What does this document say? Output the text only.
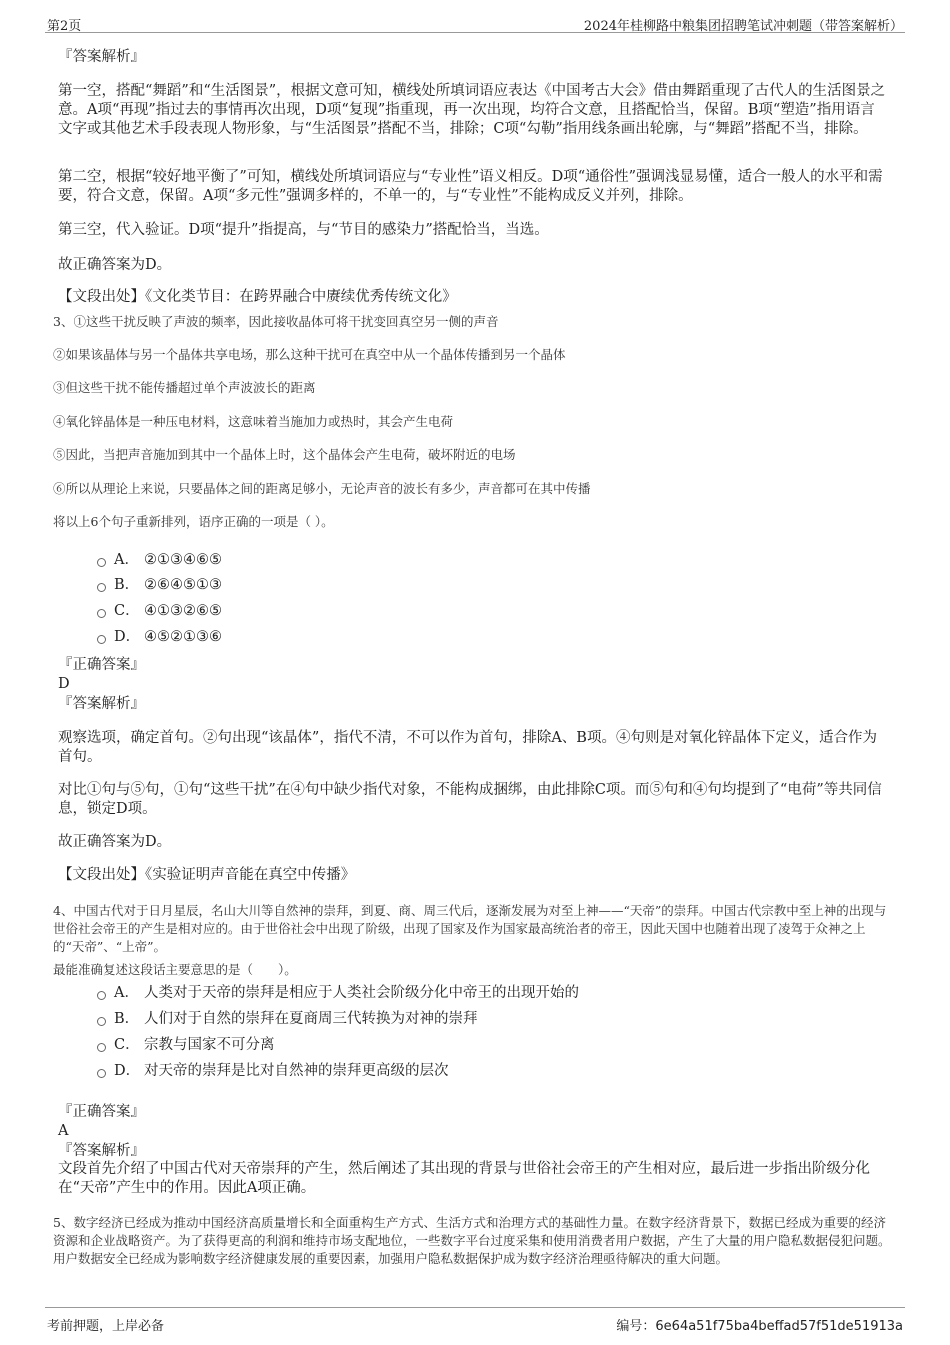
第2页	2024年桂柳路中粮集团招聘笔试冲刺题（带答案解析）
『答案解析』
第一空，搭配“舞蹈”和“生活图景”，根据文意可知，横线处所填词语应表达《中国考古大会》借由舞蹈重现了古代人的生活图景之意。A项“再现”指过去的事情再次出现，D项“复现”指重现，再一次出现，均符合文意，且搭配恰当，保留。B项“塑造”指用语言文字或其他艺术手段表现人物形象，与“生活图景”搭配不当，排除；C项“勾勒”指用线条画出轮廓，与“舞蹈”搭配不当，排除。
第二空，根据“较好地平衡了”可知，横线处所填词语应与“专业性”语义相反。D项“通俗性”强调浅显易懂，适合一般人的水平和需要，符合文意，保留。A项“多元性”强调多样的，不单一的，与“专业性”不能构成反义并列，排除。
第三空，代入验证。D项“提升”指提高，与“节目的感染力”搭配恰当，当选。
故正确答案为D。
【文段出处】《文化类节目：在跨界融合中赓续优秀传统文化》
3、①这些干扰反映了声波的频率，因此接收晶体可将干扰变回真空另一侧的声音
②如果该晶体与另一个晶体共享电场，那么这种干扰可在真空中从一个晶体传播到另一个晶体
③但这些干扰不能传播超过单个声波波长的距离
④氧化锌晶体是一种压电材料，这意味着当施加力或热时，其会产生电荷
⑤因此，当把声音施加到其中一个晶体上时，这个晶体会产生电荷，破坏附近的电场
⑥所以从理论上来说，只要晶体之间的距离足够小，无论声音的波长有多少，声音都可在其中传播
将以上6个句子重新排列，语序正确的一项是（ ）。
A． ②①③④⑥⑤
B． ②⑥④⑤①③
C． ④①③②⑥⑤
D． ④⑤②①③⑥
『正确答案』
D
『答案解析』
观察选项，确定首句。②句出现“该晶体”，指代不清，不可以作为首句，排除A、B项。④句则是对氧化锌晶体下定义，适合作为首句。
对比①句与⑤句，①句“这些干扰”在④句中缺少指代对象，不能构成捆绑，由此排除C项。而⑤句和④句均提到了“电荷”等共同信息，锁定D项。
故正确答案为D。
【文段出处】《实验证明声音能在真空中传播》
4、中国古代对于日月星辰，名山大川等自然神的崇拜，到夏、商、周三代后，逐渐发展为对至上神——“天帝”的崇拜。中国古代宗教中至上神的出现与世俗社会帝王的产生是相对应的。由于世俗社会中出现了阶级，出现了国家及作为国家最高统治者的帝王，因此天国中也随着出现了凌驾于众神之上的“天帝”、“上帝”。
最能准确复述这段话主要意思的是（　　）。
A． 人类对于天帝的崇拜是相应于人类社会阶级分化中帝王的出现开始的
B． 人们对于自然的崇拜在夏商周三代转换为对神的崇拜
C． 宗教与国家不可分离
D． 对天帝的崇拜是比对自然神的崇拜更高级的层次
『正确答案』
A
『答案解析』
文段首先介绍了中国古代对天帝崇拜的产生，然后阐述了其出现的背景与世俗社会帝王的产生相对应，最后进一步指出阶级分化在“天帝”产生中的作用。因此A项正确。
5、数字经济已经成为推动中国经济高质量增长和全面重构生产方式、生活方式和治理方式的基础性力量。在数字经济背景下，数据已经成为重要的经济资源和企业战略资产。为了获得更高的利润和维持市场支配地位，一些数字平台过度采集和使用消费者用户数据，产生了大量的用户隐私数据侵犯问题。用户数据安全已经成为影响数字经济健康发展的重要因素，加强用户隐私数据保护成为数字经济治理亟待解决的重大问题。
考前押题，上岸必备	编号：6e64a51f75ba4beffad57f51de51913a
